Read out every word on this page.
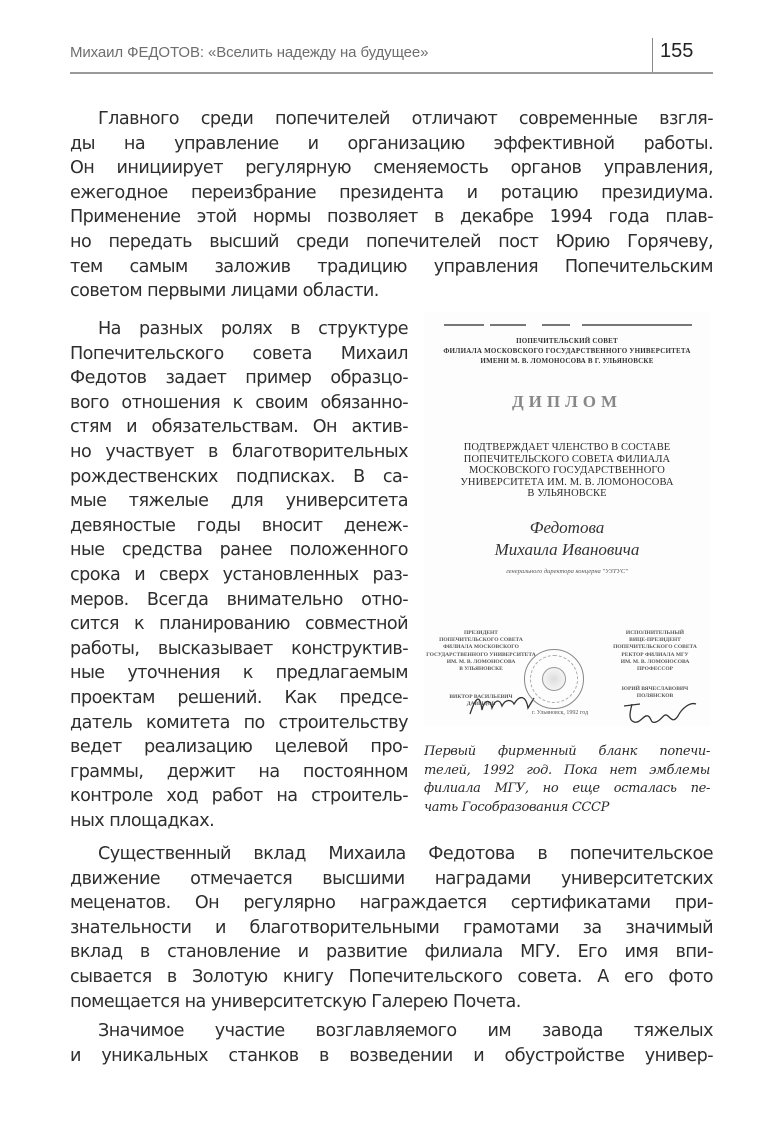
Михаил ФЕДОТОВ: «Вселить надежду на будущее»	155
Главного среди попечителей отличают современные взгля-
ды на управление и организацию эффективной работы.
Он инициирует регулярную сменяемость органов управления,
ежегодное переизбрание президента и ротацию президиума.
Применение этой нормы позволяет в декабре 1994 года плав-
но передать высший среди попечителей пост Юрию Горячеву,
тем самым заложив традицию управления Попечительским
советом первыми лицами области.
На разных ролях в структуре
Попечительского совета Михаил
Федотов задает пример образцо-
вого отношения к своим обязанно-
стям и обязательствам. Он актив-
но участвует в благотворительных
рождественских подписках. В са-
мые тяжелые для университета
девяностые годы вносит денеж-
ные средства ранее положенного
срока и сверх установленных раз-
меров. Всегда внимательно отно-
сится к планированию совместной
работы, высказывает конструктив-
ные уточнения к предлагаемым
проектам решений. Как предсе-
датель комитета по строительству
ведет реализацию целевой про-
граммы, держит на постоянном
контроле ход работ на строитель-
ных площадках.
ПОПЕЧИТЕЛЬСКИЙ СОВЕТ
ФИЛИАЛА МОСКОВСКОГО ГОСУДАРСТВЕННОГО УНИВЕРСИТЕТА
ИМЕНИ М. В. ЛОМОНОСОВА В Г. УЛЬЯНОВСКЕ
ДИПЛОМ
ПОДТВЕРЖДАЕТ ЧЛЕНСТВО В СОСТАВЕ
ПОПЕЧИТЕЛЬСКОГО СОВЕТА ФИЛИАЛА
МОСКОВСКОГО ГОСУДАРСТВЕННОГО
УНИВЕРСИТЕТА ИМ. М. В. ЛОМОНОСОВА
В УЛЬЯНОВСКЕ
Федотова
Михаила Ивановича
генерального директора концерна "УЗТУС"
ПРЕЗИДЕНТ
ПОПЕЧИТЕЛЬСКОГО СОВЕТА
ФИЛИАЛА МОСКОВСКОГО
ГОСУДАРСТВЕННОГО УНИВЕРСИТЕТА
ИМ. М. В. ЛОМОНОСОВА
В УЛЬЯНОВСКЕ
ВИКТОР ВАСИЛЬЕВИЧ
ДАВЫДОВ
г. Ульяновск, 1992 год
ИСПОЛНИТЕЛЬНЫЙ
ВИЦЕ-ПРЕЗИДЕНТ
ПОПЕЧИТЕЛЬСКОГО СОВЕТА
РЕКТОР ФИЛИАЛА МГУ
ИМ. М. В. ЛОМОНОСОВА
ПРОФЕССОР
ЮРИЙ ВЯЧЕСЛАВОВИЧ
ПОЛЯНСКОВ
Первый фирменный бланк попечи-
телей, 1992 год. Пока нет эмблемы
филиала МГУ, но еще осталась пе-
чать Гособразования СССР
Существенный вклад Михаила Федотова в попечительское
движение отмечается высшими наградами университетских
меценатов. Он регулярно награждается сертификатами при-
знательности и благотворительными грамотами за значимый
вклад в становление и развитие филиала МГУ. Его имя впи-
сывается в Золотую книгу Попечительского совета. А его фото
помещается на университетскую Галерею Почета.
Значимое участие возглавляемого им завода тяжелых
и уникальных станков в возведении и обустройстве универ-
